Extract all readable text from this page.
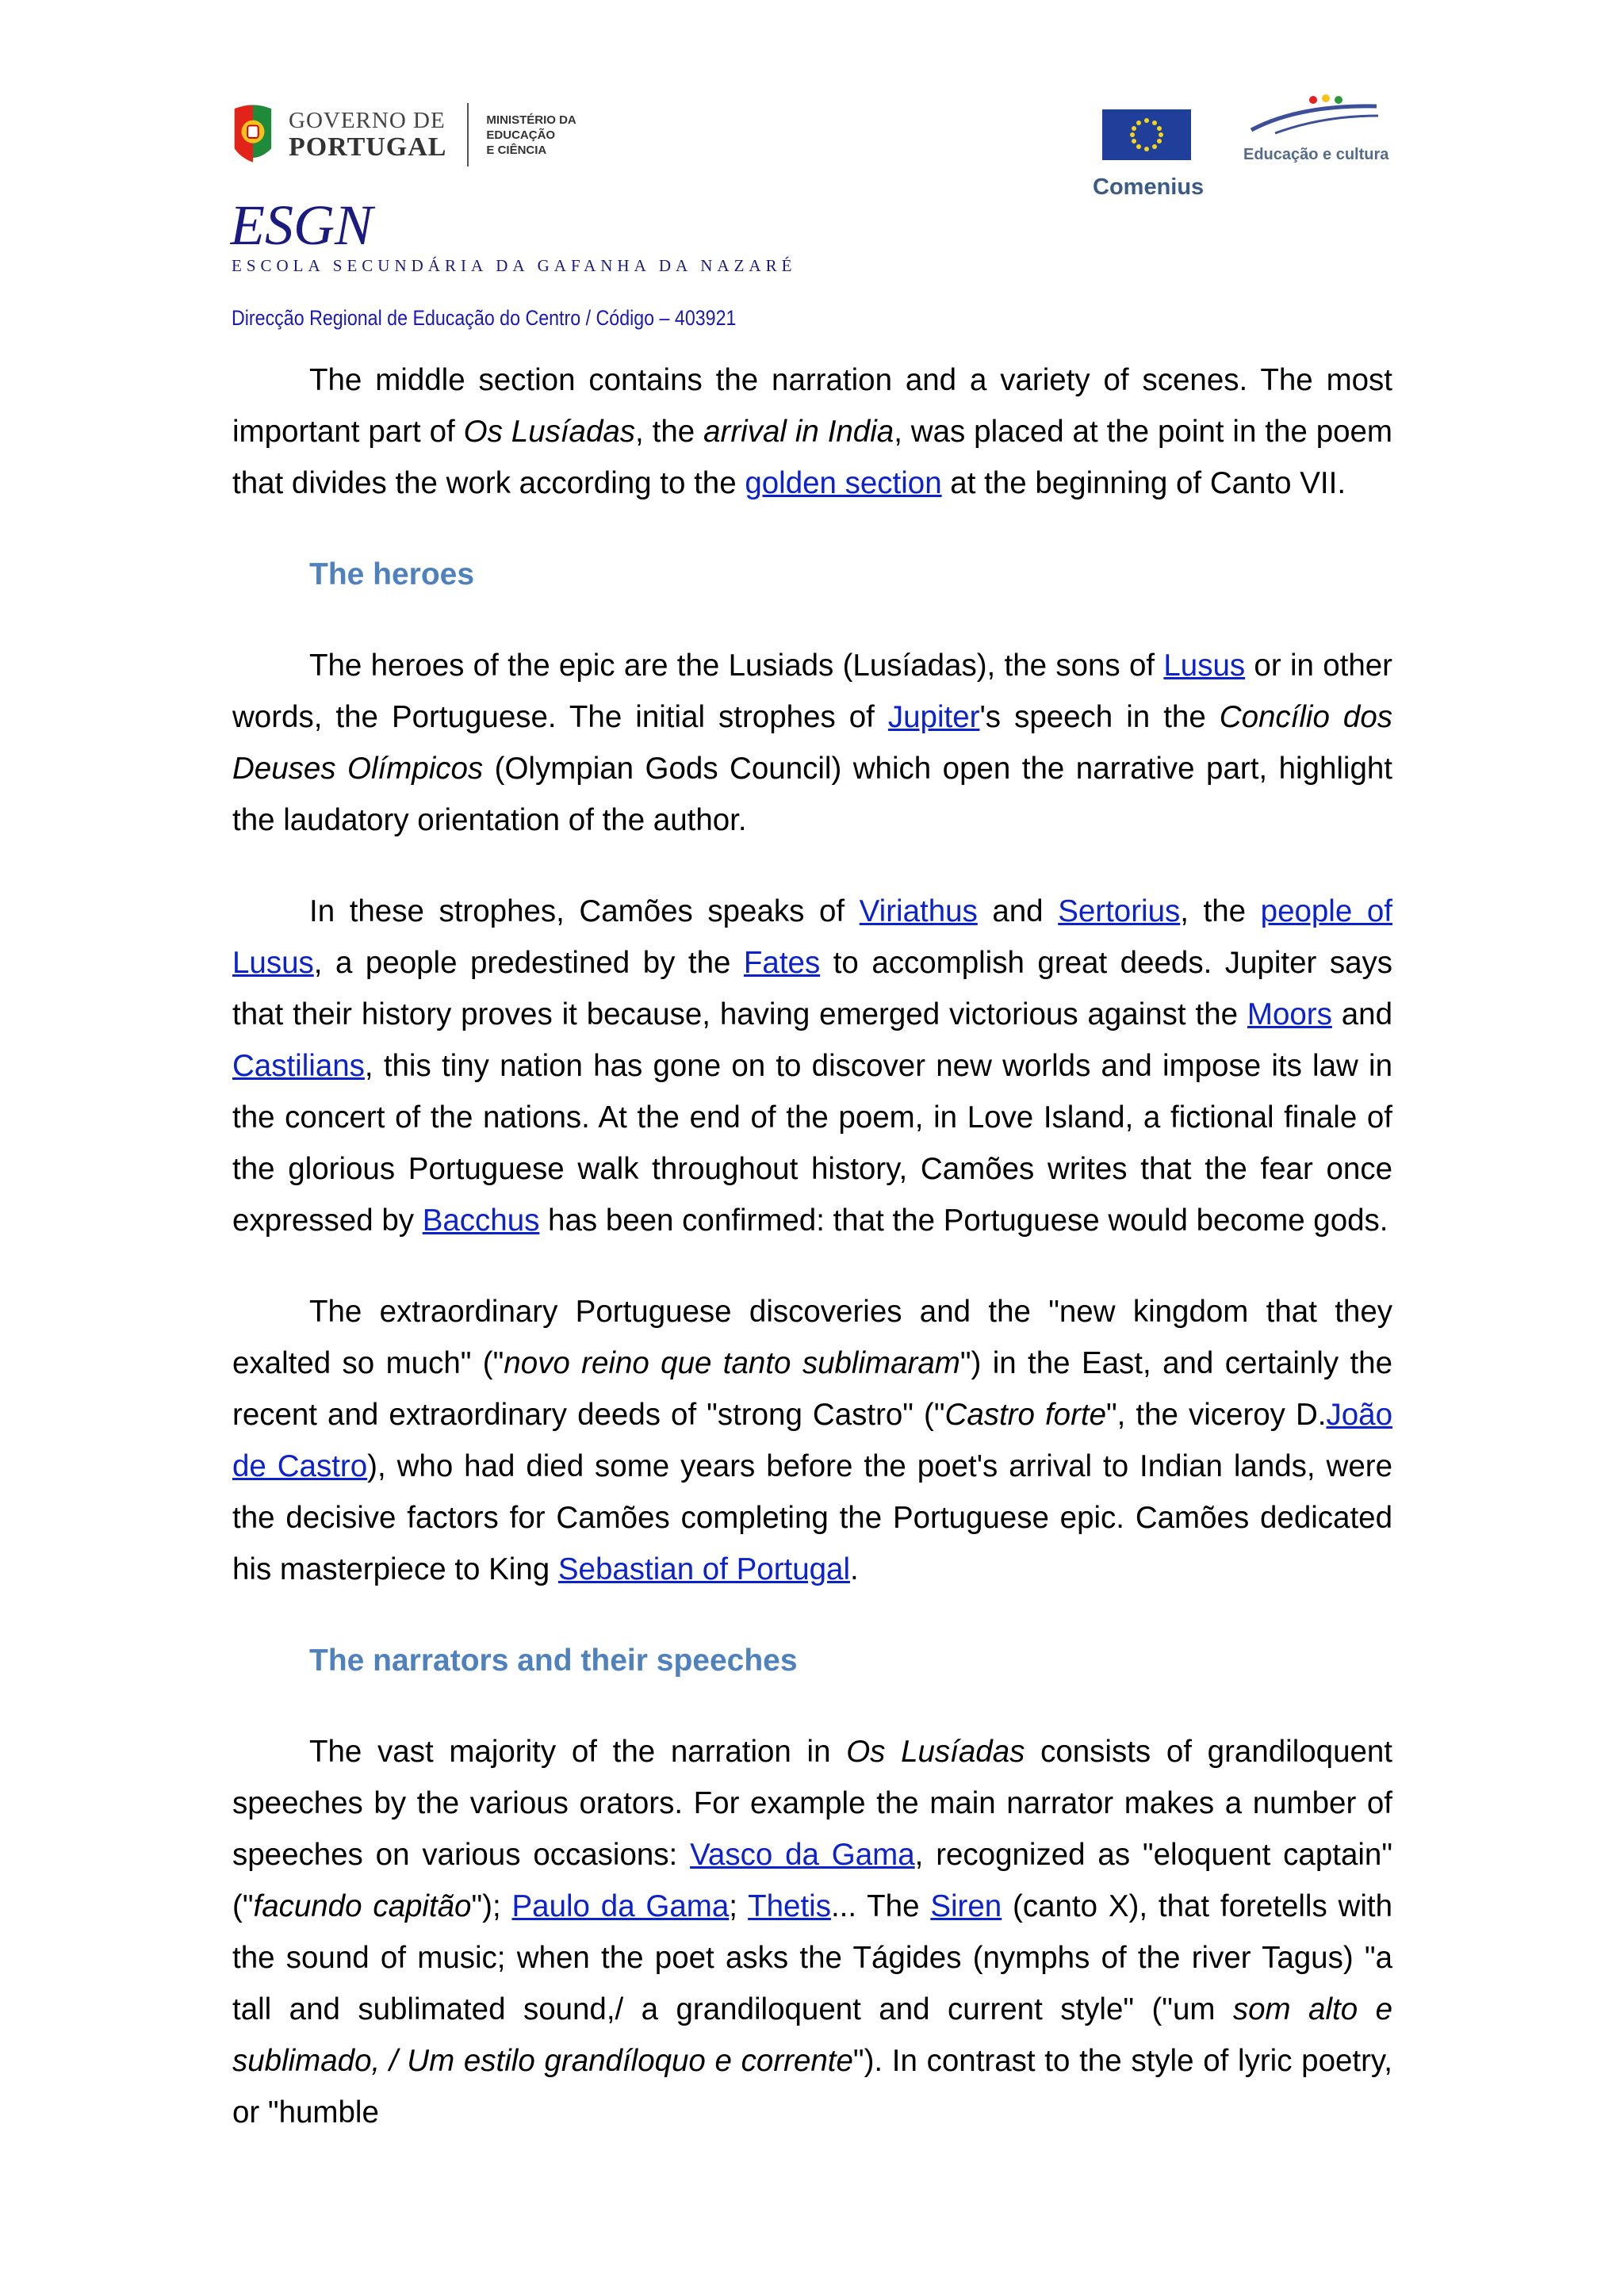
GOVERNO DE
PORTUGAL
MINISTÉRIO DA EDUCAÇÃO
E CIÊNCIA
ESGN
ESCOLA SECUNDÁRIA DA GAFANHA DA NAZARÉ
Direcção Regional de Educação do Centro / Código – 403921
Comenius
Educação e cultura

The middle section contains the narration and a variety of scenes. The most important part of Os Lusíadas, the arrival in India, was placed at the point in the poem that divides the work according to the golden section at the beginning of Canto VII.

The heroes

The heroes of the epic are the Lusiads (Lusíadas), the sons of Lusus or in other words, the Portuguese. The initial strophes of Jupiter's speech in the Concílio dos Deuses Olímpicos (Olympian Gods Council) which open the narrative part, highlight the laudatory orientation of the author.

In these strophes, Camões speaks of Viriathus and Sertorius, the people of Lusus, a people predestined by the Fates to accomplish great deeds. Jupiter says that their history proves it because, having emerged victorious against the Moors and Castilians, this tiny nation has gone on to discover new worlds and impose its law in the concert of the nations. At the end of the poem, in Love Island, a fictional finale of the glorious Portuguese walk throughout history, Camões writes that the fear once expressed by Bacchus has been confirmed: that the Portuguese would become gods.

The extraordinary Portuguese discoveries and the "new kingdom that they exalted so much" ("novo reino que tanto sublimaram") in the East, and certainly the recent and extraordinary deeds of "strong Castro" ("Castro forte", the viceroy D.João de Castro), who had died some years before the poet's arrival to Indian lands, were the decisive factors for Camões completing the Portuguese epic. Camões dedicated his masterpiece to King Sebastian of Portugal.

The narrators and their speeches

The vast majority of the narration in Os Lusíadas consists of grandiloquent speeches by the various orators. For example the main narrator makes a number of speeches on various occasions: Vasco da Gama, recognized as "eloquent captain" ("facundo capitão"); Paulo da Gama; Thetis... The Siren (canto X), that foretells with the sound of music; when the poet asks the Tágides (nymphs of the river Tagus) "a tall and sublimated sound,/ a grandiloquent and current style" ("um som alto e sublimado, / Um estilo grandíloquo e corrente"). In contrast to the style of lyric poetry, or "humble
